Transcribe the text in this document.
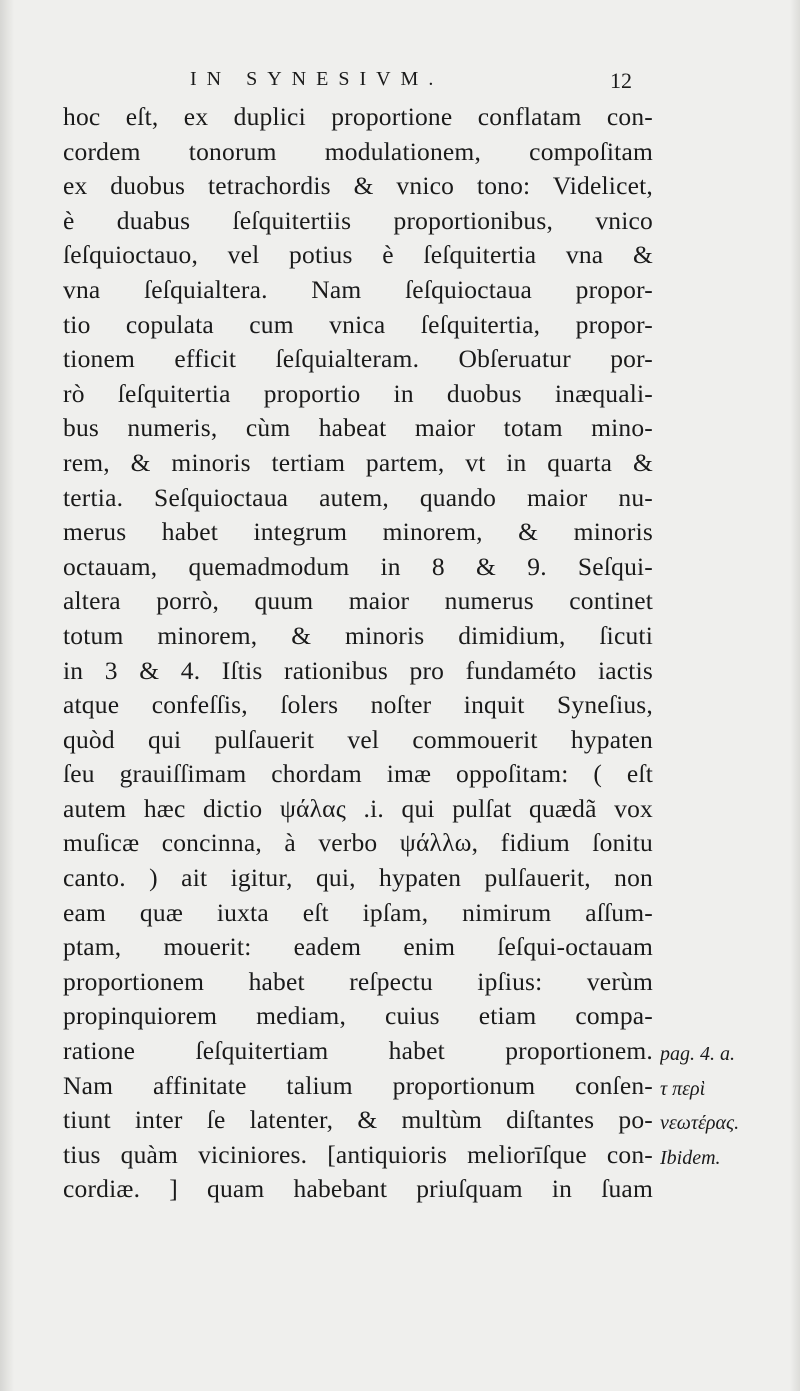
IN SYNESIVM.	12
hoc eſt, ex duplici proportione conflatam con-
cordem tonorum modulationem, compoſitam
ex duobus tetrachordis & vnico tono: Videlicet,
è duabus ſeſquitertiis proportionibus, vnico
ſeſquioctauo, vel potius è ſeſquitertia vna &
vna ſeſquialtera. Nam ſeſquioctaua propor-
tio copulata cum vnica ſeſquitertia, propor-
tionem efficit ſeſquialteram. Obſeruatur por-
rò ſeſquitertia proportio in duobus inæquali-
bus numeris, cùm habeat maior totam mino-
rem, & minoris tertiam partem, vt in quarta &
tertia. Seſquioctaua autem, quando maior nu-
merus habet integrum minorem, & minoris
octauam, quemadmodum in 8 & 9. Seſqui-
altera porrò, quum maior numerus continet
totum minorem, & minoris dimidium, ſicuti
in 3 & 4. Iſtis rationibus pro fundaméto iactis
atque confeſſis, ſolers noſter inquit Syneſius,
quòd qui pulſauerit vel commouerit hypaten
ſeu grauiſſimam chordam imæ oppoſitam: ( eſt
autem hæc dictio ψάλας .i. qui pulſat quædã vox
muſicæ concinna, à verbo ψάλλω, fidium ſonitu
canto. ) ait igitur, qui, hypaten pulſauerit, non
eam quæ iuxta eſt ipſam, nimirum aſſum-
ptam, mouerit: eadem enim ſeſqui-octauam
proportionem habet reſpectu ipſius: verùm
propinquiorem mediam, cuius etiam compa-
ratione ſeſquitertiam habet proportionem.
Nam affinitate talium proportionum conſen-
tiunt inter ſe latenter, & multùm diſtantes po-
tius quàm viciniores. [antiquioris meliorīſque con-
cordiæ. ] quam habebant priuſquam in ſuam
pag. 4. a.
τ περὶ
νεωτέρας.
Ibidem.
